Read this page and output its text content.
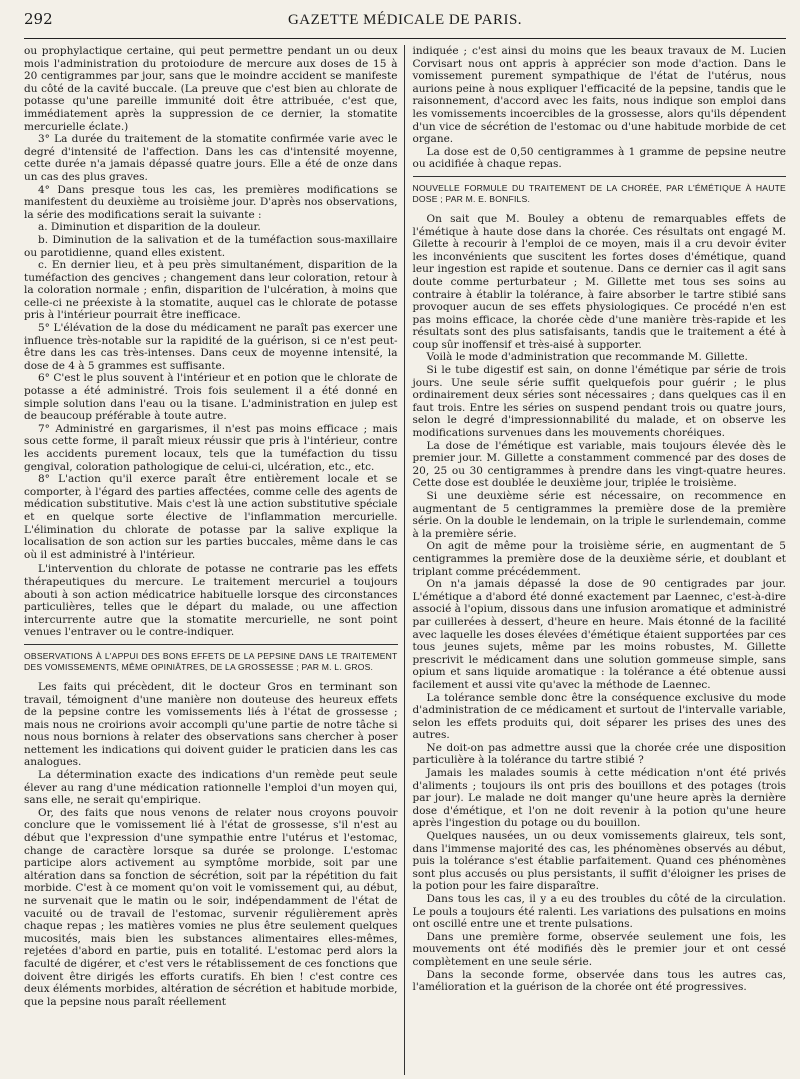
292	GAZETTE MÉDICALE DE PARIS.

ou prophylactique certaine, qui peut permettre pendant un ou deux mois l'administration du protoiodure de mercure aux doses de 15 à 20 centigrammes par jour, sans que le moindre accident se manifeste du côté de la cavité buccale. (La preuve que c'est bien au chlorate de potasse qu'une pareille immunité doit être attribuée, c'est que, immédiatement après la suppression de ce dernier, la stomatite mercurielle éclate.)

3° La durée du traitement de la stomatite confirmée varie avec le degré d'intensité de l'affection. Dans les cas d'intensité moyenne, cette durée n'a jamais dépassé quatre jours. Elle a été de onze dans un cas des plus graves.

4° Dans presque tous les cas, les premières modifications se manifestent du deuxième au troisième jour. D'après nos observations, la série des modifications serait la suivante :

a. Diminution et disparition de la douleur.

b. Diminution de la salivation et de la tuméfaction sous-maxillaire ou parotidienne, quand elles existent.

c. En dernier lieu, et à peu près simultanément, disparition de la tuméfaction des gencives ; changement dans leur coloration, retour à la coloration normale ; enfin, disparition de l'ulcération, à moins que celle-ci ne préexiste à la stomatite, auquel cas le chlorate de potasse pris à l'intérieur pourrait être inefficace.

5° L'élévation de la dose du médicament ne paraît pas exercer une influence très-notable sur la rapidité de la guérison, si ce n'est peut-être dans les cas très-intenses. Dans ceux de moyenne intensité, la dose de 4 à 5 grammes est suffisante.

6° C'est le plus souvent à l'intérieur et en potion que le chlorate de potasse a été administré. Trois fois seulement il a été donné en simple solution dans l'eau ou la tisane. L'administration en julep est de beaucoup préférable à toute autre.

7° Administré en gargarismes, il n'est pas moins efficace ; mais sous cette forme, il paraît mieux réussir que pris à l'intérieur, contre les accidents purement locaux, tels que la tuméfaction du tissu gengival, coloration pathologique de celui-ci, ulcération, etc., etc.

8° L'action qu'il exerce paraît être entièrement locale et se comporter, à l'égard des parties affectées, comme celle des agents de médication substitutive. Mais c'est là une action substitutive spéciale et en quelque sorte élective de l'inflammation mercurielle. L'élimination du chlorate de potasse par la salive explique la localisation de son action sur les parties buccales, même dans le cas où il est administré à l'intérieur.

L'intervention du chlorate de potasse ne contrarie pas les effets thérapeutiques du mercure. Le traitement mercuriel a toujours abouti à son action médicatrice habituelle lorsque des circonstances particulières, telles que le départ du malade, ou une affection intercurrente autre que la stomatite mercurielle, ne sont point venues l'entraver ou le contre-indiquer.

OBSERVATIONS À L'APPUI DES BONS EFFETS DE LA PEPSINE DANS LE TRAITEMENT DES VOMISSEMENTS, MÊME OPINIÂTRES, DE LA GROSSESSE ; PAR M. L. GROS.

Les faits qui précèdent, dit le docteur Gros en terminant son travail, témoignent d'une manière non douteuse des heureux effets de la pepsine contre les vomissements liés à l'état de grossesse ; mais nous ne croirions avoir accompli qu'une partie de notre tâche si nous nous bornions à relater des observations sans chercher à poser nettement les indications qui doivent guider le praticien dans les cas analogues.

La détermination exacte des indications d'un remède peut seule élever au rang d'une médication rationnelle l'emploi d'un moyen qui, sans elle, ne serait qu'empirique.

Or, des faits que nous venons de relater nous croyons pouvoir conclure que le vomissement lié à l'état de grossesse, s'il n'est au début que l'expression d'une sympathie entre l'utérus et l'estomac, change de caractère lorsque sa durée se prolonge. L'estomac participe alors activement au symptôme morbide, soit par une altération dans sa fonction de sécrétion, soit par la répétition du fait morbide. C'est à ce moment qu'on voit le vomissement qui, au début, ne survenait que le matin ou le soir, indépendamment de l'état de vacuité ou de travail de l'estomac, survenir régulièrement après chaque repas ; les matières vomies ne plus être seulement quelques mucosités, mais bien les substances alimentaires elles-mêmes, rejetées d'abord en partie, puis en totalité. L'estomac perd alors la faculté de digérer, et c'est vers le rétablissement de ces fonctions que doivent être dirigés les efforts curatifs. Eh bien ! c'est contre ces deux éléments morbides, altération de sécrétion et habitude morbide, que la pepsine nous paraît réellement

indiquée ; c'est ainsi du moins que les beaux travaux de M. Lucien Corvisart nous ont appris à apprécier son mode d'action. Dans le vomissement purement sympathique de l'état de l'utérus, nous aurions peine à nous expliquer l'efficacité de la pepsine, tandis que le raisonnement, d'accord avec les faits, nous indique son emploi dans les vomissements incoercibles de la grossesse, alors qu'ils dépendent d'un vice de sécrétion de l'estomac ou d'une habitude morbide de cet organe.

La dose est de 0,50 centigrammes à 1 gramme de pepsine neutre ou acidifiée à chaque repas.

NOUVELLE FORMULE DU TRAITEMENT DE LA CHORÉE, PAR L'ÉMÉTIQUE À HAUTE DOSE ; PAR M. E. BONFILS.

On sait que M. Bouley a obtenu de remarquables effets de l'émétique à haute dose dans la chorée. Ces résultats ont engagé M. Gilette à recourir à l'emploi de ce moyen, mais il a cru devoir éviter les inconvénients que suscitent les fortes doses d'émétique, quand leur ingestion est rapide et soutenue. Dans ce dernier cas il agit sans doute comme perturbateur ; M. Gillette met tous ses soins au contraire à établir la tolérance, à faire absorber le tartre stibié sans provoquer aucun de ses effets physiologiques. Ce procédé n'en est pas moins efficace, la chorée cède d'une manière très-rapide et les résultats sont des plus satisfaisants, tandis que le traitement a été à coup sûr inoffensif et très-aisé à supporter.

Voilà le mode d'administration que recommande M. Gillette.

Si le tube digestif est sain, on donne l'émétique par série de trois jours. Une seule série suffit quelquefois pour guérir ; le plus ordinairement deux séries sont nécessaires ; dans quelques cas il en faut trois. Entre les séries on suspend pendant trois ou quatre jours, selon le degré d'impressionnabilité du malade, et on observe les modifications survenues dans les mouvements choréiques.

La dose de l'émétique est variable, mais toujours élevée dès le premier jour. M. Gillette a constamment commencé par des doses de 20, 25 ou 30 centigrammes à prendre dans les vingt-quatre heures. Cette dose est doublée le deuxième jour, triplée le troisième.

Si une deuxième série est nécessaire, on recommence en augmentant de 5 centigrammes la première dose de la première série. On la double le lendemain, on la triple le surlendemain, comme à la première série.

On agit de même pour la troisième série, en augmentant de 5 centigrammes la première dose de la deuxième série, et doublant et triplant comme précédemment.

On n'a jamais dépassé la dose de 90 centigrades par jour. L'émétique a d'abord été donné exactement par Laennec, c'est-à-dire associé à l'opium, dissous dans une infusion aromatique et administré par cuillerées à dessert, d'heure en heure. Mais étonné de la facilité avec laquelle les doses élevées d'émétique étaient supportées par ces tous jeunes sujets, même par les moins robustes, M. Gillette prescrivit le médicament dans une solution gommeuse simple, sans opium et sans liquide aromatique : la tolérance a été obtenue aussi facilement et aussi vite qu'avec la méthode de Laennec.

La tolérance semble donc être la conséquence exclusive du mode d'administration de ce médicament et surtout de l'intervalle variable, selon les effets produits qui, doit séparer les prises des unes des autres.

Ne doit-on pas admettre aussi que la chorée crée une disposition particulière à la tolérance du tartre stibié ?

Jamais les malades soumis à cette médication n'ont été privés d'aliments ; toujours ils ont pris des bouillons et des potages (trois par jour). Le malade ne doit manger qu'une heure après la dernière dose d'émétique, et l'on ne doit revenir à la potion qu'une heure après l'ingestion du potage ou du bouillon.

Quelques nausées, un ou deux vomissements glaireux, tels sont, dans l'immense majorité des cas, les phénomènes observés au début, puis la tolérance s'est établie parfaitement. Quand ces phénomènes sont plus accusés ou plus persistants, il suffit d'éloigner les prises de la potion pour les faire disparaître.

Dans tous les cas, il y a eu des troubles du côté de la circulation. Le pouls a toujours été ralenti. Les variations des pulsations en moins ont oscillé entre une et trente pulsations.

Dans une première forme, observée seulement une fois, les mouvements ont été modifiés dès le premier jour et ont cessé complètement en une seule série.

Dans la seconde forme, observée dans tous les autres cas, l'amélioration et la guérison de la chorée ont été progressives.
